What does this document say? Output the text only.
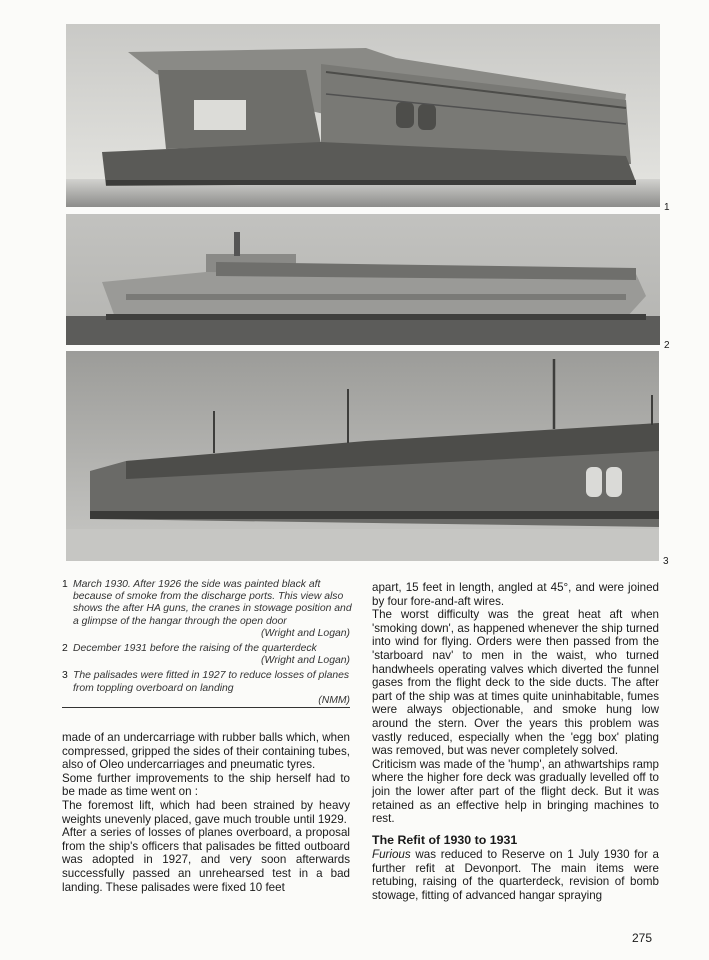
1
2
3
1 March 1930. After 1926 the side was painted black aft because of smoke from the discharge ports. This view also shows the after HA guns, the cranes in stowage position and a glimpse of the hangar through the open door
(Wright and Logan)
2 December 1931 before the raising of the quarterdeck
(Wright and Logan)
3 The palisades were fitted in 1927 to reduce losses of planes from toppling overboard on landing
(NMM)

made of an undercarriage with rubber balls which, when compressed, gripped the sides of their containing tubes, also of Oleo undercarriages and pneumatic tyres.

Some further improvements to the ship herself had to be made as time went on :

The foremost lift, which had been strained by heavy weights unevenly placed, gave much trouble until 1929.

After a series of losses of planes overboard, a proposal from the ship's officers that palisades be fitted outboard was adopted in 1927, and very soon afterwards successfully passed an unrehearsed test in a bad landing. These palisades were fixed 10 feet

apart, 15 feet in length, angled at 45°, and were joined by four fore-and-aft wires.

The worst difficulty was the great heat aft when 'smoking down', as happened whenever the ship turned into wind for flying. Orders were then passed from the 'starboard nav' to men in the waist, who turned handwheels operating valves which diverted the funnel gases from the flight deck to the side ducts. The after part of the ship was at times quite uninhabitable, fumes were always objectionable, and smoke hung low around the stern. Over the years this problem was vastly reduced, especially when the 'egg box' plating was removed, but was never completely solved.

Criticism was made of the 'hump', an athwartships ramp where the higher fore deck was gradually levelled off to join the lower after part of the flight deck. But it was retained as an effective help in bringing machines to rest.

The Refit of 1930 to 1931

Furious was reduced to Reserve on 1 July 1930 for a further refit at Devonport. The main items were retubing, raising of the quarterdeck, revision of bomb stowage, fitting of advanced hangar spraying

275
